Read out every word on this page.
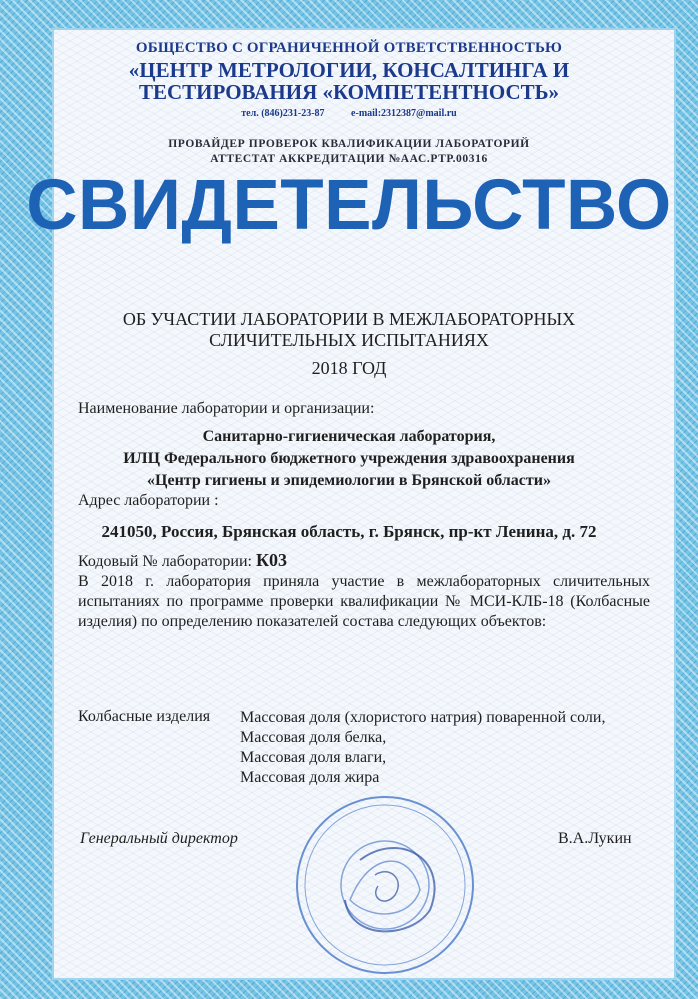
ОБЩЕСТВО С ОГРАНИЧЕННОЙ ОТВЕТСТВЕННОСТЬЮ
«ЦЕНТР МЕТРОЛОГИИ, КОНСАЛТИНГА И
ТЕСТИРОВАНИЯ «КОМПЕТЕНТНОСТЬ»
тел. (846)231-23-87	e-mail:2312387@mail.ru
ПРОВАЙДЕР ПРОВЕРОК КВАЛИФИКАЦИИ ЛАБОРАТОРИЙ
АТТЕСТАТ АККРЕДИТАЦИИ №ААС.РТР.00316
СВИДЕТЕЛЬСТВО
ОБ УЧАСТИИ ЛАБОРАТОРИИ В МЕЖЛАБОРАТОРНЫХ
СЛИЧИТЕЛЬНЫХ ИСПЫТАНИЯХ
2018 ГОД
Наименование лаборатории и организации:
Санитарно-гигиеническая лаборатория,
ИЛЦ Федерального бюджетного учреждения здравоохранения
«Центр гигиены и эпидемиологии в Брянской области»
Адрес лаборатории :
241050, Россия, Брянская область, г. Брянск, пр-кт Ленина, д. 72
Кодовый № лаборатории: К03
В 2018 г. лаборатория приняла участие в межлабораторных сличительных испытаниях по программе проверки квалификации № МСИ-КЛБ-18 (Колбасные изделия) по определению показателей состава следующих объектов:
Колбасные изделия Массовая доля (хлористого натрия) поваренной соли,
Массовая доля белка,
Массовая доля влаги,
Массовая доля жира
Генеральный директор	В.А.Лукин
